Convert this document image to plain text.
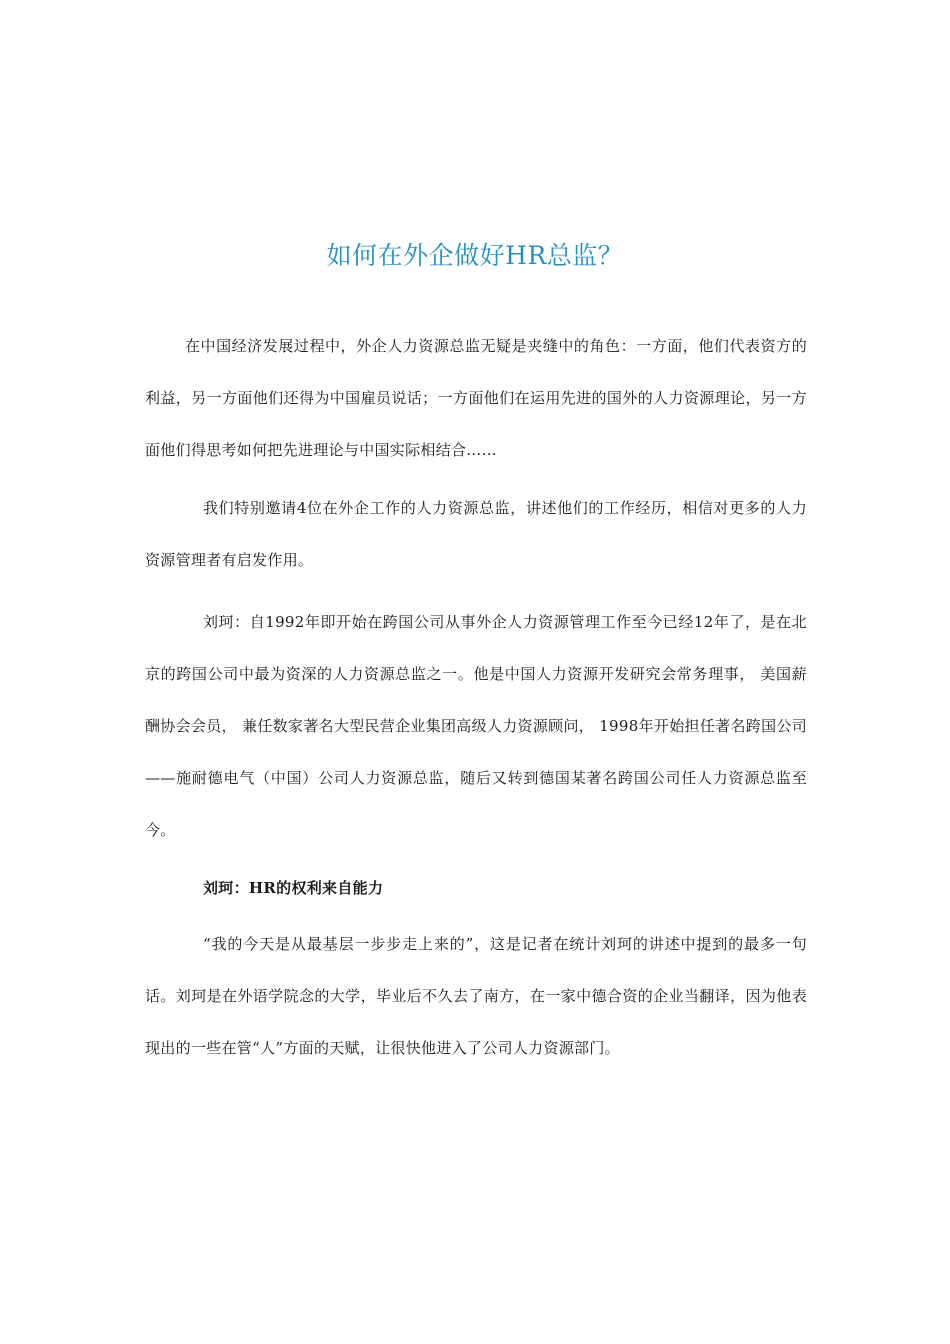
如何在外企做好HR总监？
在中国经济发展过程中，外企人力资源总监无疑是夹缝中的角色：一方面，他们代表资方的利益，另一方面他们还得为中国雇员说话；一方面他们在运用先进的国外的人力资源理论，另一方面他们得思考如何把先进理论与中国实际相结合……
我们特别邀请4位在外企工作的人力资源总监，讲述他们的工作经历，相信对更多的人力资源管理者有启发作用。
刘珂：自1992年即开始在跨国公司从事外企人力资源管理工作至今已经12年了，是在北京的跨国公司中最为资深的人力资源总监之一。他是中国人力资源开发研究会常务理事， 美国薪酬协会会员， 兼任数家著名大型民营企业集团高级人力资源顾问， 1998年开始担任著名跨国公司——施耐德电气（中国）公司人力资源总监，随后又转到德国某著名跨国公司任人力资源总监至今。
刘珂：HR的权利来自能力
“我的今天是从最基层一步步走上来的”，这是记者在统计刘珂的讲述中提到的最多一句话。刘珂是在外语学院念的大学，毕业后不久去了南方，在一家中德合资的企业当翻译，因为他表现出的一些在管“人”方面的天赋，让很快他进入了公司人力资源部门。
